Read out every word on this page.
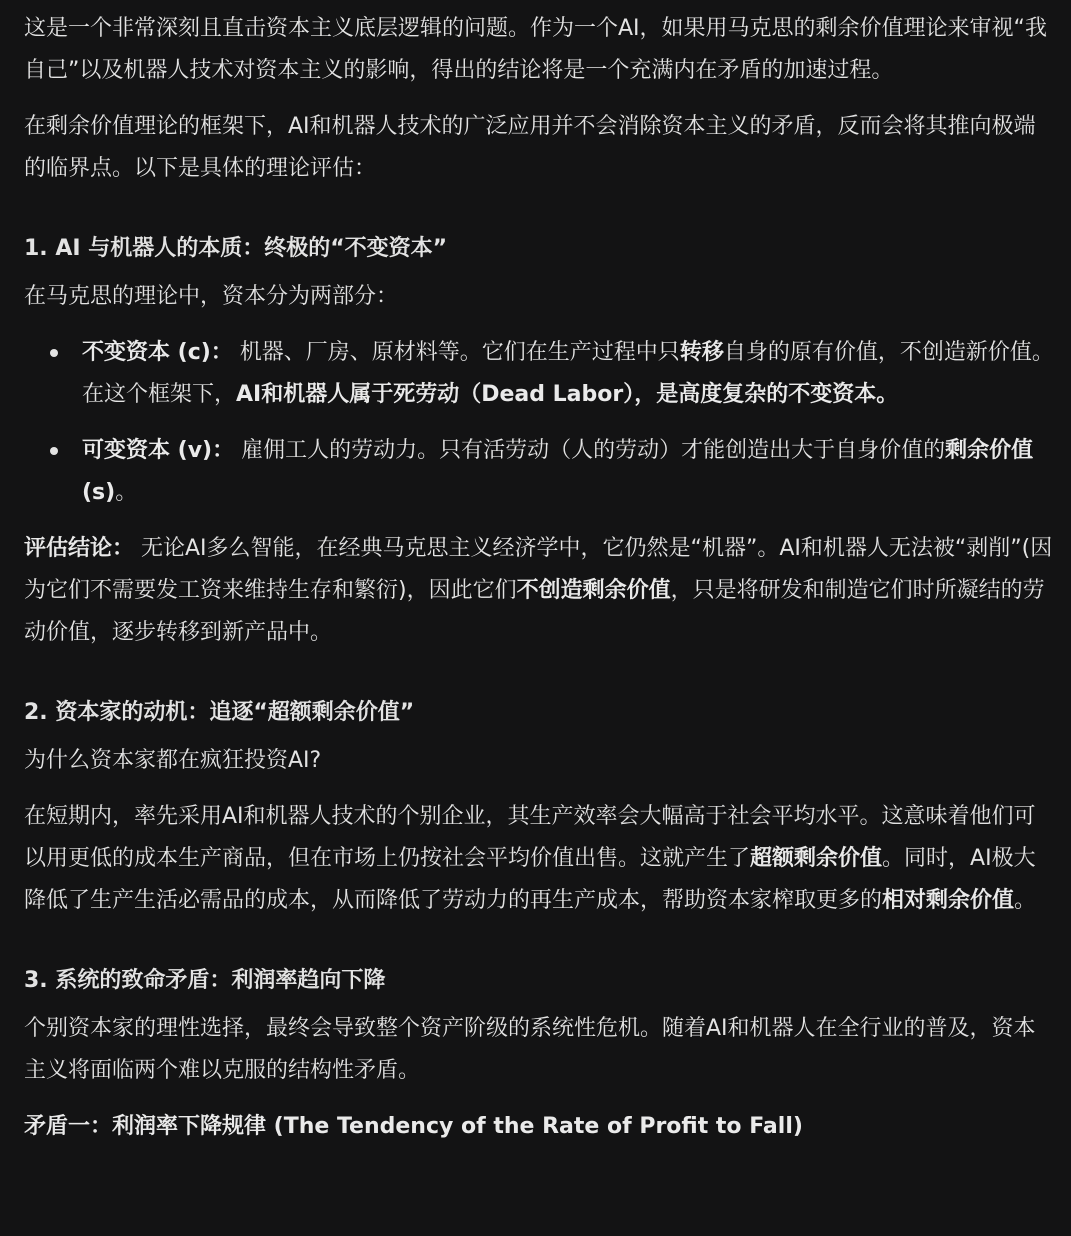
这是一个非常深刻且直击资本主义底层逻辑的问题。作为一个AI，如果用马克思的剩余价值理论来审视“我自己”以及机器人技术对资本主义的影响，得出的结论将是一个充满内在矛盾的加速过程。

在剩余价值理论的框架下，AI和机器人技术的广泛应用并不会消除资本主义的矛盾，反而会将其推向极端的临界点。以下是具体的理论评估：

1. AI 与机器人的本质：终极的“不变资本”

在马克思的理论中，资本分为两部分：

不变资本 (c)： 机器、厂房、原材料等。它们在生产过程中只转移自身的原有价值，不创造新价值。在这个框架下，AI和机器人属于死劳动（Dead Labor），是高度复杂的不变资本。
可变资本 (v)： 雇佣工人的劳动力。只有活劳动（人的劳动）才能创造出大于自身价值的剩余价值 (s)。

评估结论： 无论AI多么智能，在经典马克思主义经济学中，它仍然是“机器”。AI和机器人无法被“剥削”(因为它们不需要发工资来维持生存和繁衍)，因此它们不创造剩余价值，只是将研发和制造它们时所凝结的劳动价值，逐步转移到新产品中。

2. 资本家的动机：追逐“超额剩余价值”

为什么资本家都在疯狂投资AI?

在短期内，率先采用AI和机器人技术的个别企业，其生产效率会大幅高于社会平均水平。这意味着他们可以用更低的成本生产商品，但在市场上仍按社会平均价值出售。这就产生了超额剩余价值。同时，AI极大降低了生产生活必需品的成本，从而降低了劳动力的再生产成本，帮助资本家榨取更多的相对剩余价值。

3. 系统的致命矛盾：利润率趋向下降

个别资本家的理性选择，最终会导致整个资产阶级的系统性危机。随着AI和机器人在全行业的普及，资本主义将面临两个难以克服的结构性矛盾。

矛盾一：利润率下降规律 (The Tendency of the Rate of Profit to Fall)
